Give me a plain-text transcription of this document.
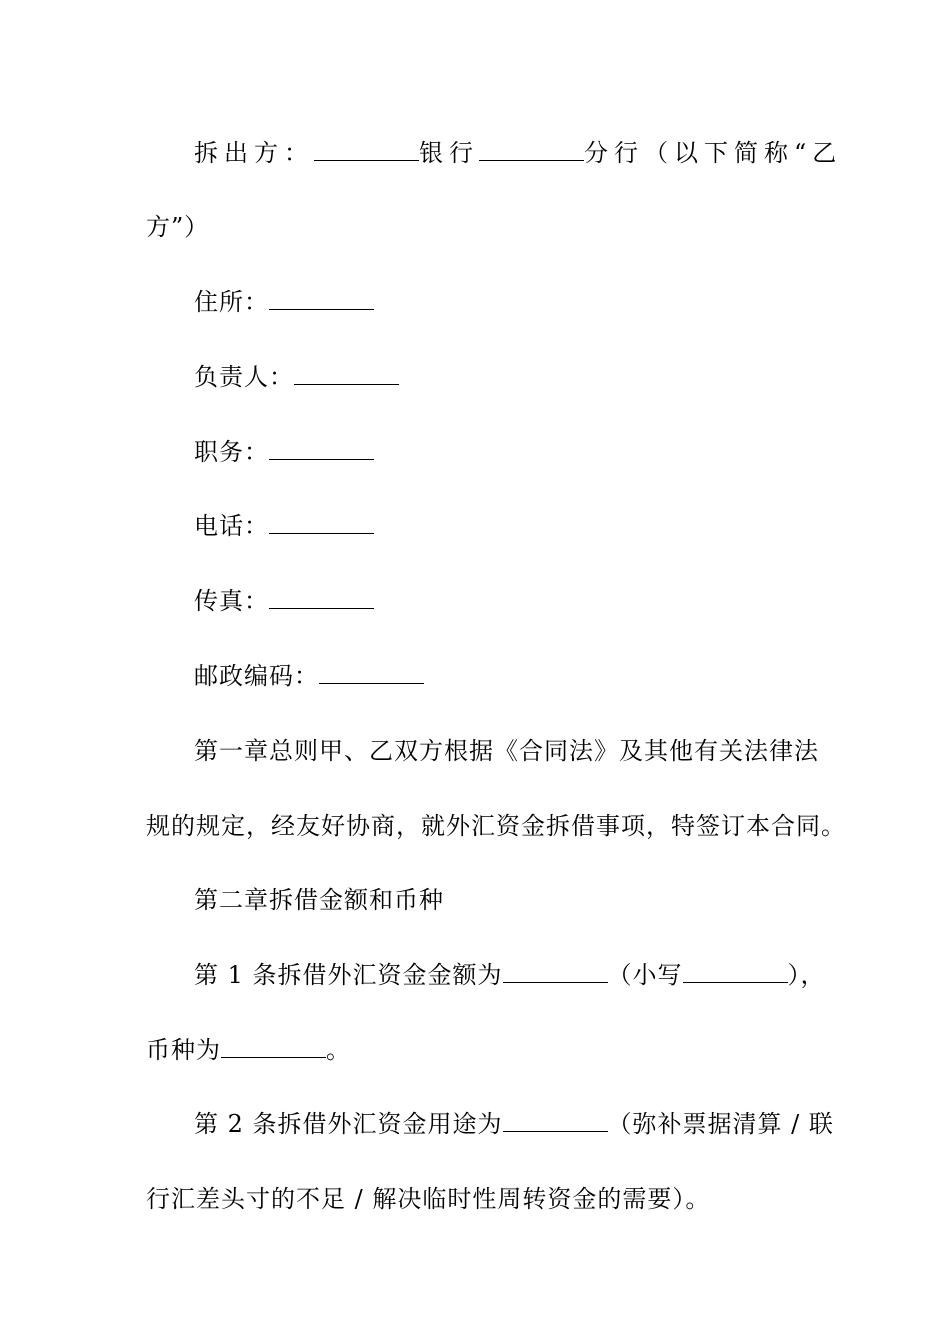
拆出方：	银行	分行（以下简称“乙
方”）
住所：
负责人：
职务：
电话：
传真：
邮政编码：
第一章总则甲、乙双方根据《合同法》及其他有关法律法
规的规定，经友好协商，就外汇资金拆借事项，特签订本合同。
第二章拆借金额和币种
第 1 条拆借外汇资金金额为	（小写	），
币种为	。
第 2 条拆借外汇资金用途为	（弥补票据清算 / 联
行汇差头寸的不足 / 解决临时性周转资金的需要）。
